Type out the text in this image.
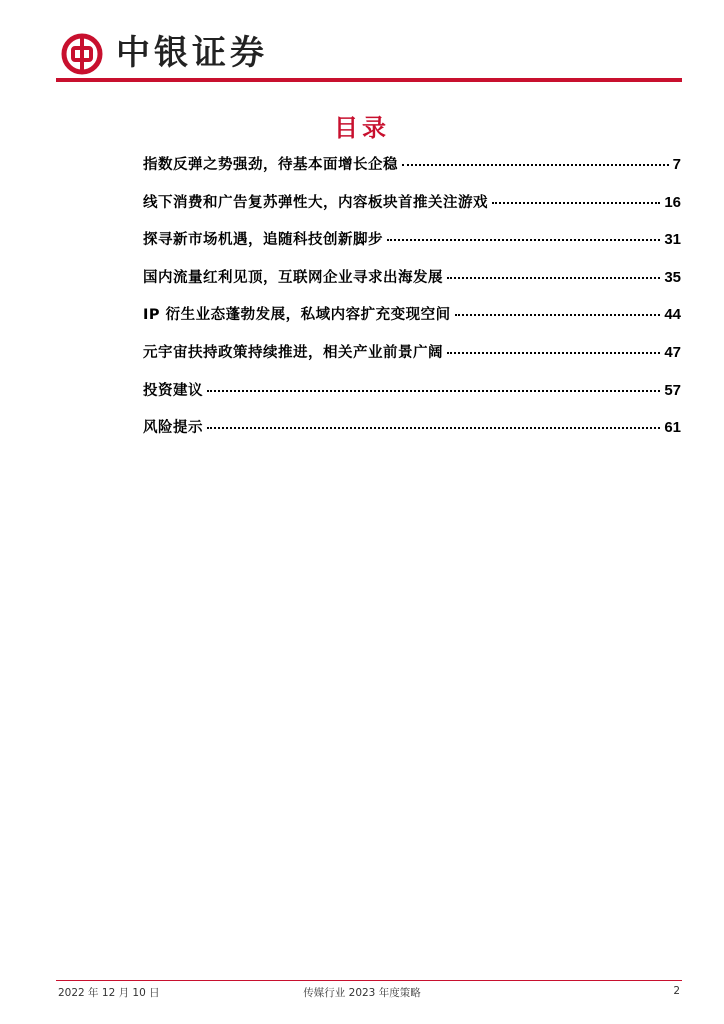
中银证券
目录
指数反弹之势强劲，待基本面增长企稳	7
线下消费和广告复苏弹性大，内容板块首推关注游戏	16
探寻新市场机遇，追随科技创新脚步	31
国内流量红利见顶，互联网企业寻求出海发展	35
IP 衍生业态蓬勃发展，私域内容扩充变现空间	44
元宇宙扶持政策持续推进，相关产业前景广阔	47
投资建议	57
风险提示	61
2022 年 12 月 10 日	传媒行业 2023 年度策略	2
